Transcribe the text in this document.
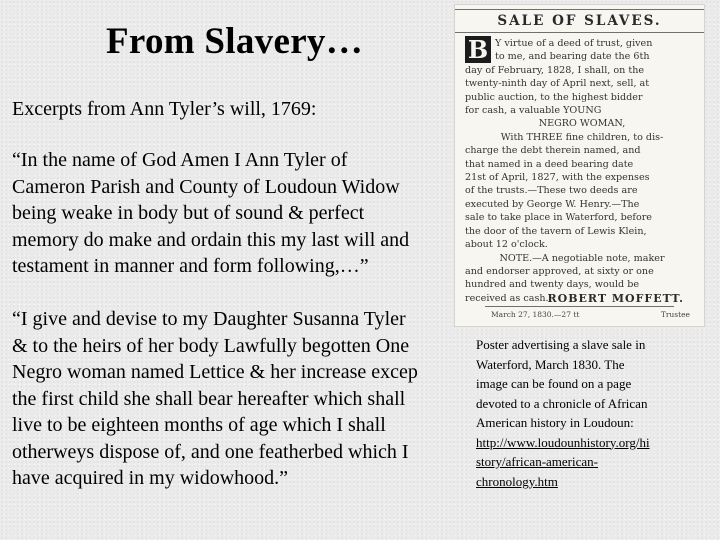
From Slavery…
Excerpts from Ann Tyler’s will, 1769:

“In the name of God Amen I Ann Tyler of
Cameron Parish and County of Loudoun Widow
being weake in body but of sound & perfect
memory do make and ordain this my last will and
testament in manner and form following,…”

“I give and devise to my Daughter Susanna Tyler
& to the heirs of her body Lawfully begotten One
Negro woman named Lettice & her increase excep
the first child she shall bear hereafter which shall
live to be eighteen months of age which I shall
otherweys dispose of, and one featherbed which I
have acquired in my widowhood.”

SALE OF SLAVES.
B Y virtue of a deed of trust, given
to me, and bearing date the 6th
day of February, 1828, I shall, on the
twenty-ninth day of April next, sell, at
public auction, to the highest bidder
for cash, a valuable YOUNG
NEGRO WOMAN,
With THREE fine children, to dis-
charge the debt therein named, and
that named in a deed bearing date
21st of April, 1827, with the expenses
of the trusts.—These two deeds are
executed by George W. Henry.—The
sale to take place in Waterford, before
the door of the tavern of Lewis Klein,
about 12 o'clock.
NOTE.—A negotiable note, maker
and endorser approved, at sixty or one
hundred and twenty days, would be
received as cash.

ROBERT MOFFETT.
March 27, 1830.—27 tt	Trustee

Poster advertising a slave sale in
Waterford, March 1830. The
image can be found on a page
devoted to a chronicle of African
American history in Loudoun:
http://www.loudounhistory.org/hi
story/african-american-
chronology.htm
